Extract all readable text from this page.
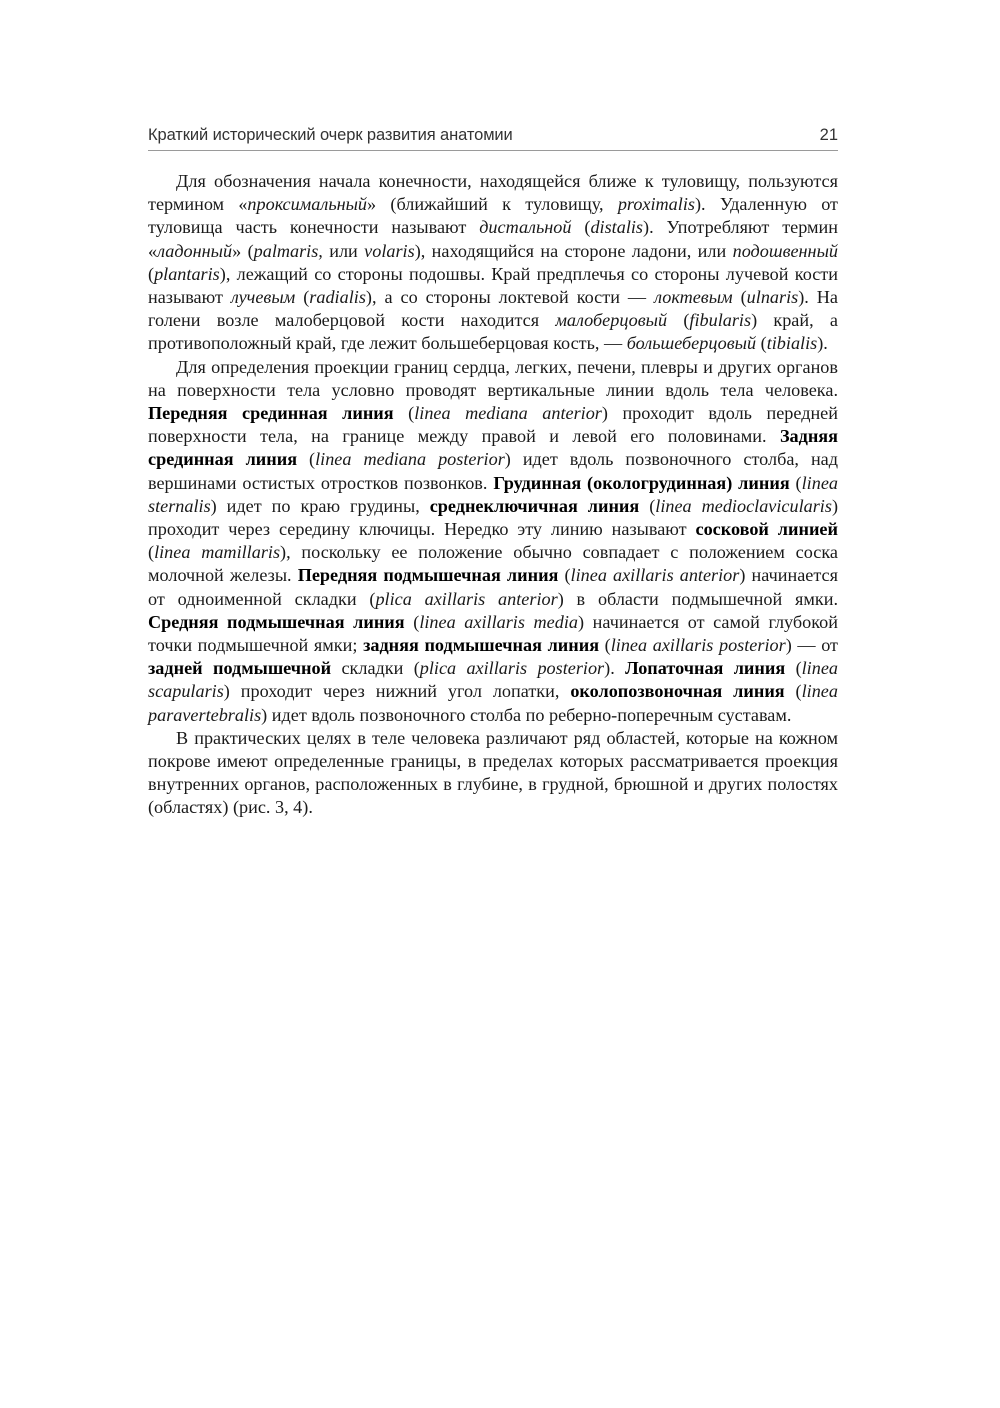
Краткий исторический очерк развития анатомии	21

Для обозначения начала конечности, находящейся ближе к туловищу, пользуются термином «проксимальный» (ближайший к туловищу, proximalis). Удаленную от туловища часть конечности называют дистальной (distalis). Употребляют термин «ладонный» (palmaris, или volaris), находящийся на стороне ладони, или подошвенный (plantaris), лежащий со стороны подошвы. Край предплечья со стороны лучевой кости называют лучевым (radialis), а со стороны локтевой кости — локтевым (ulnaris). На голени возле малоберцовой кости находится малоберцовый (fibularis) край, а противоположный край, где лежит большеберцовая кость, — большеберцовый (tibialis).

Для определения проекции границ сердца, легких, печени, плевры и других органов на поверхности тела условно проводят вертикальные линии вдоль тела человека. Передняя срединная линия (linea mediana anterior) проходит вдоль передней поверхности тела, на границе между правой и левой его половинами. Задняя срединная линия (linea mediana posterior) идет вдоль позвоночного столба, над вершинами остистых отростков позвонков. Грудинная (окологрудинная) линия (linea sternalis) идет по краю грудины, среднеключичная линия (linea medioclavicularis) проходит через середину ключицы. Нередко эту линию называют сосковой линией (linea mamillaris), поскольку ее положение обычно совпадает с положением соска молочной железы. Передняя подмышечная линия (linea axillaris anterior) начинается от одноименной складки (plica axillaris anterior) в области подмышечной ямки. Средняя подмышечная линия (linea axillaris media) начинается от самой глубокой точки подмышечной ямки; задняя подмышечная линия (linea axillaris posterior) — от задней подмышечной складки (plica axillaris posterior). Лопаточная линия (linea scapularis) проходит через нижний угол лопатки, околопозвоночная линия (linea paravertebralis) идет вдоль позвоночного столба по реберно-поперечным суставам.

В практических целях в теле человека различают ряд областей, которые на кожном покрове имеют определенные границы, в пределах которых рассматривается проекция внутренних органов, расположенных в глубине, в грудной, брюшной и других полостях (областях) (рис. 3, 4).
